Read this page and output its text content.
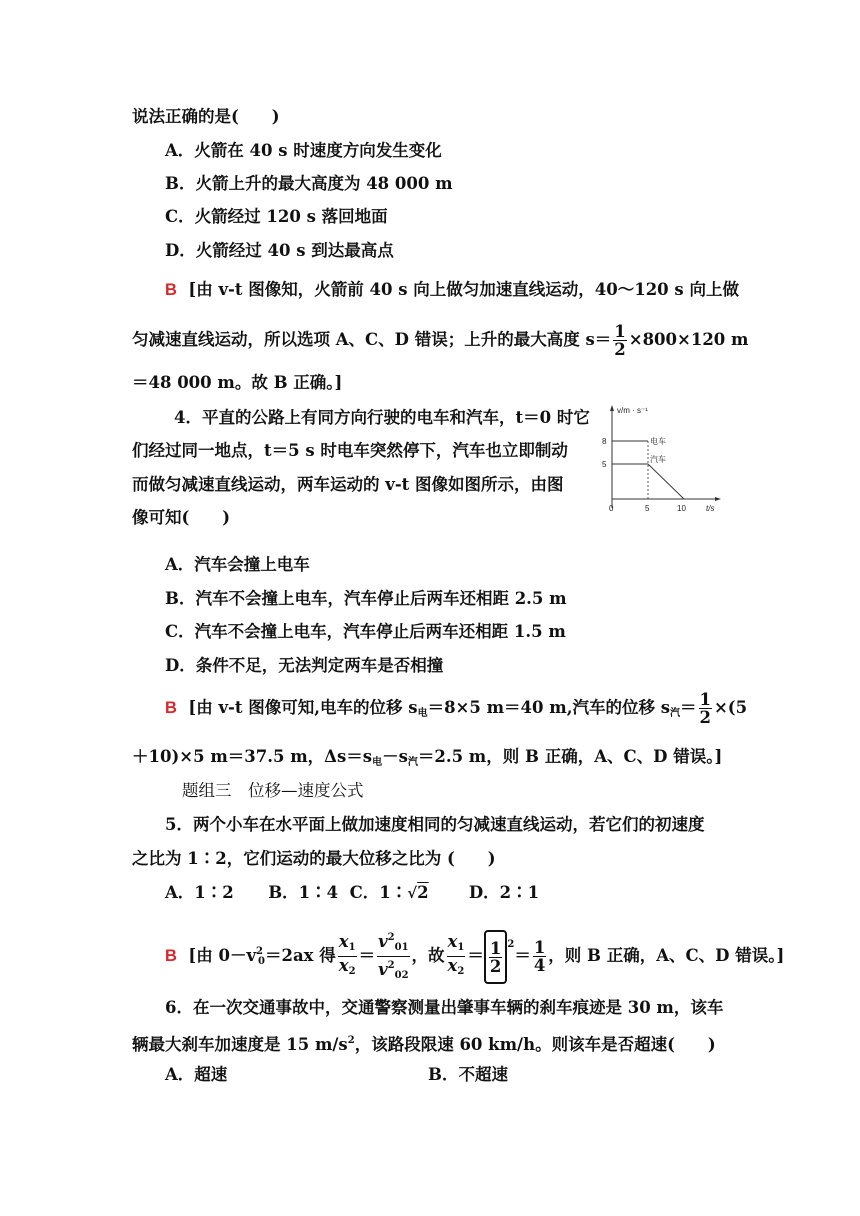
说法正确的是(　　)
A．火箭在 40 s 时速度方向发生变化
B．火箭上升的最大高度为 48 000 m
C．火箭经过 120 s 落回地面
D．火箭经过 40 s 到达最高点
B [由 v-t 图像知，火箭前 40 s 向上做匀加速直线运动，40～120 s 向上做
匀减速直线运动，所以选项 A、C、D 错误；上升的最大高度 $s= \frac{1}{2} \times 800\times 120$ m
＝48 000 m。故 B 正确。]
4．平直的公路上有同方向行驶的电车和汽车，t＝0 时它
们经过同一地点，t＝5 s 时电车突然停下，汽车也立即制动
而做匀减速直线运动，两车运动的 v-t 图像如图所示，由图
像可知(　　)
v/m · s⁻¹
8
5
电车
汽车
0	5	10	t/s
A．汽车会撞上电车
B．汽车不会撞上电车，汽车停止后两车还相距 2.5 m
C．汽车不会撞上电车，汽车停止后两车还相距 1.5 m
D．条件不足，无法判定两车是否相撞
B [由 v-t 图像可知,电车的位移 $s_电=8\times 5$ m＝40 m,汽车的位移 $s_汽= \frac{1}{2} \times(5$
＋10)×5 m＝37.5 m，$\Delta s=s_电-s_汽=2.5$ m，则 B 正确，A、C、D 错误。]
题组三　位移—速度公式
5．两个小车在水平面上做加速度相同的匀减速直线运动，若它们的初速度
之比为 1∶2，它们运动的最大位移之比为 (　　)
A．1∶2 B．1∶4 C．1∶√2 D．2∶1
B [由 $0-v^2_0=2ax$ 得 $\frac{x_1}{x_2} = \frac{v^2_{01}}{v^2_{02}}$ ，故 $\frac{x_1}{x_2} = \frac{1}{2} ^2= \frac{1}{4}$ ，则 B 正确，A、C、D 错误。]
6．在一次交通事故中，交通警察测量出肇事车辆的刹车痕迹是 30 m，该车
辆最大刹车加速度是 15 $m/s^2$，该路段限速 60 km/h。则该车是否超速(　　)
A．超速	B．不超速
